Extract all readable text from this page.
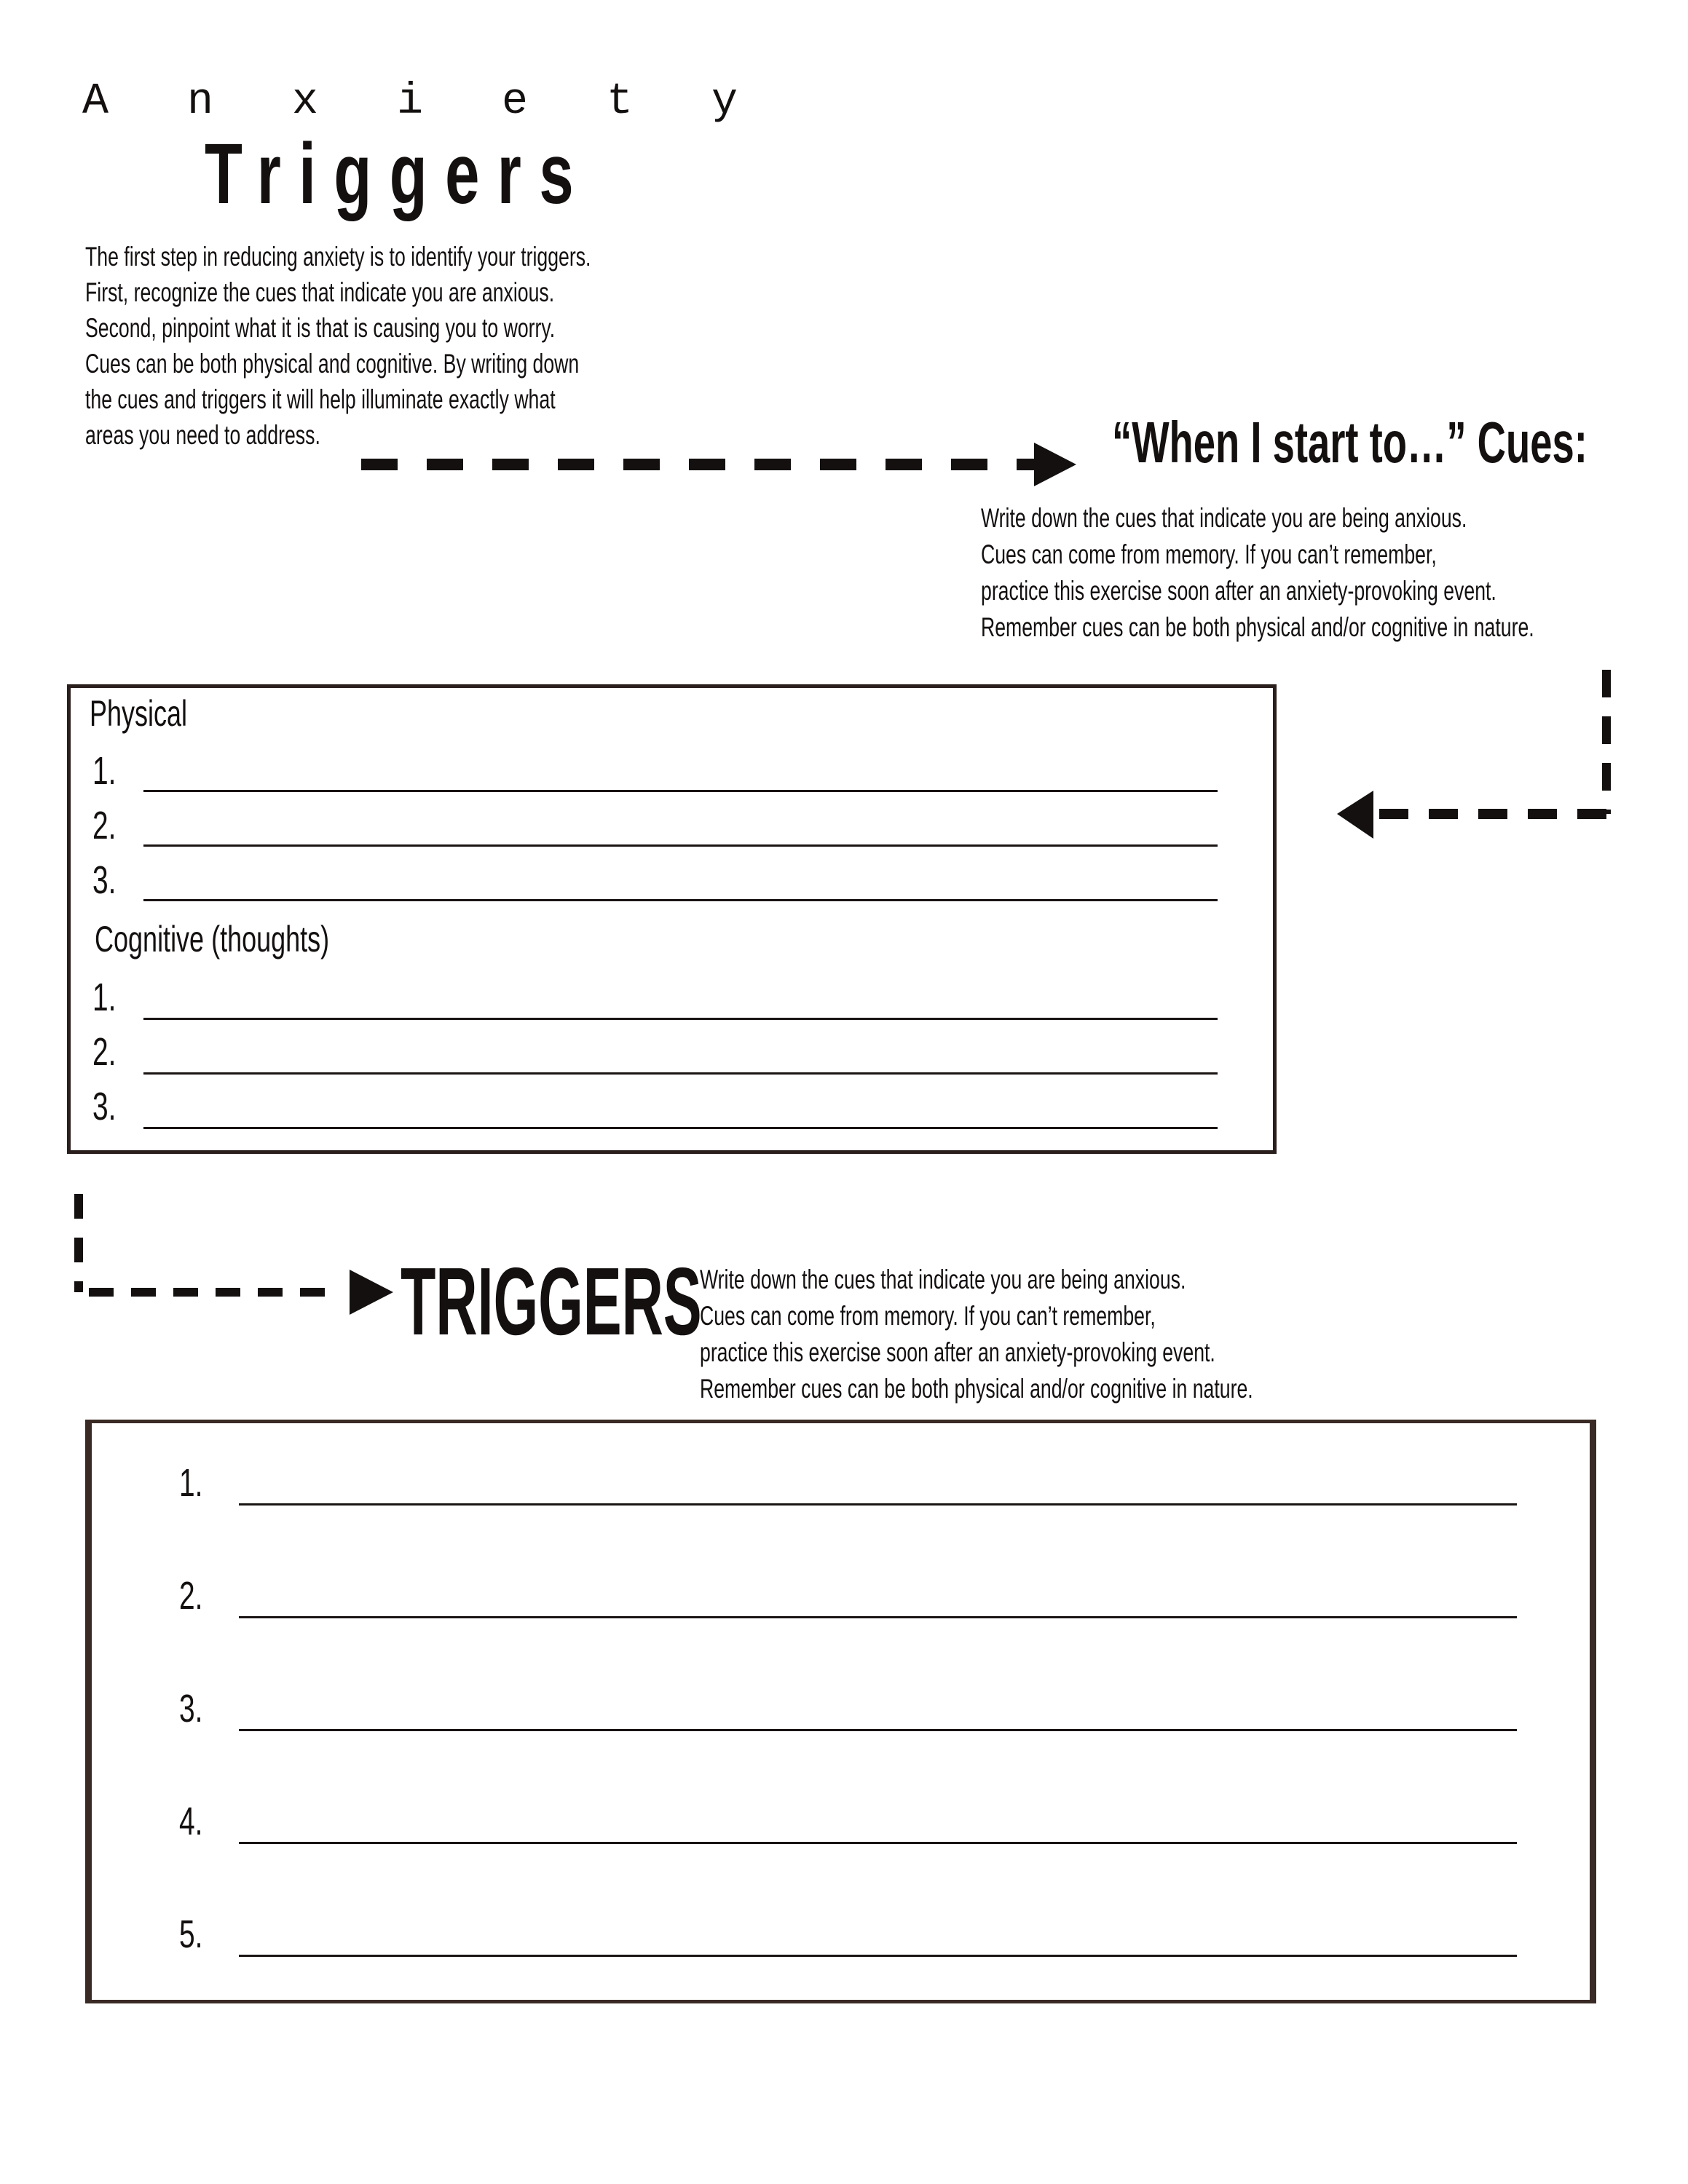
Anxiety
Triggers
The first step in reducing anxiety is to identify your triggers.
First, recognize the cues that indicate you are anxious.
Second, pinpoint what it is that is causing you to worry.
Cues can be both physical and cognitive. By writing down
the cues and triggers it will help illuminate exactly what
areas you need to address.	“When I start to…” Cues:
Write down the cues that indicate you are being anxious.
Cues can come from memory. If you can’t remember,
practice this exercise soon after an anxiety-provoking event.
Remember cues can be both physical and/or cognitive in nature.
Physical
1.
2.
3.
Cognitive (thoughts)
1.
2.
3.
TRIGGERS
Write down the cues that indicate you are being anxious.
Cues can come from memory. If you can’t remember,
practice this exercise soon after an anxiety-provoking event.
Remember cues can be both physical and/or cognitive in nature.
1.
2.
3.
4.
5.
